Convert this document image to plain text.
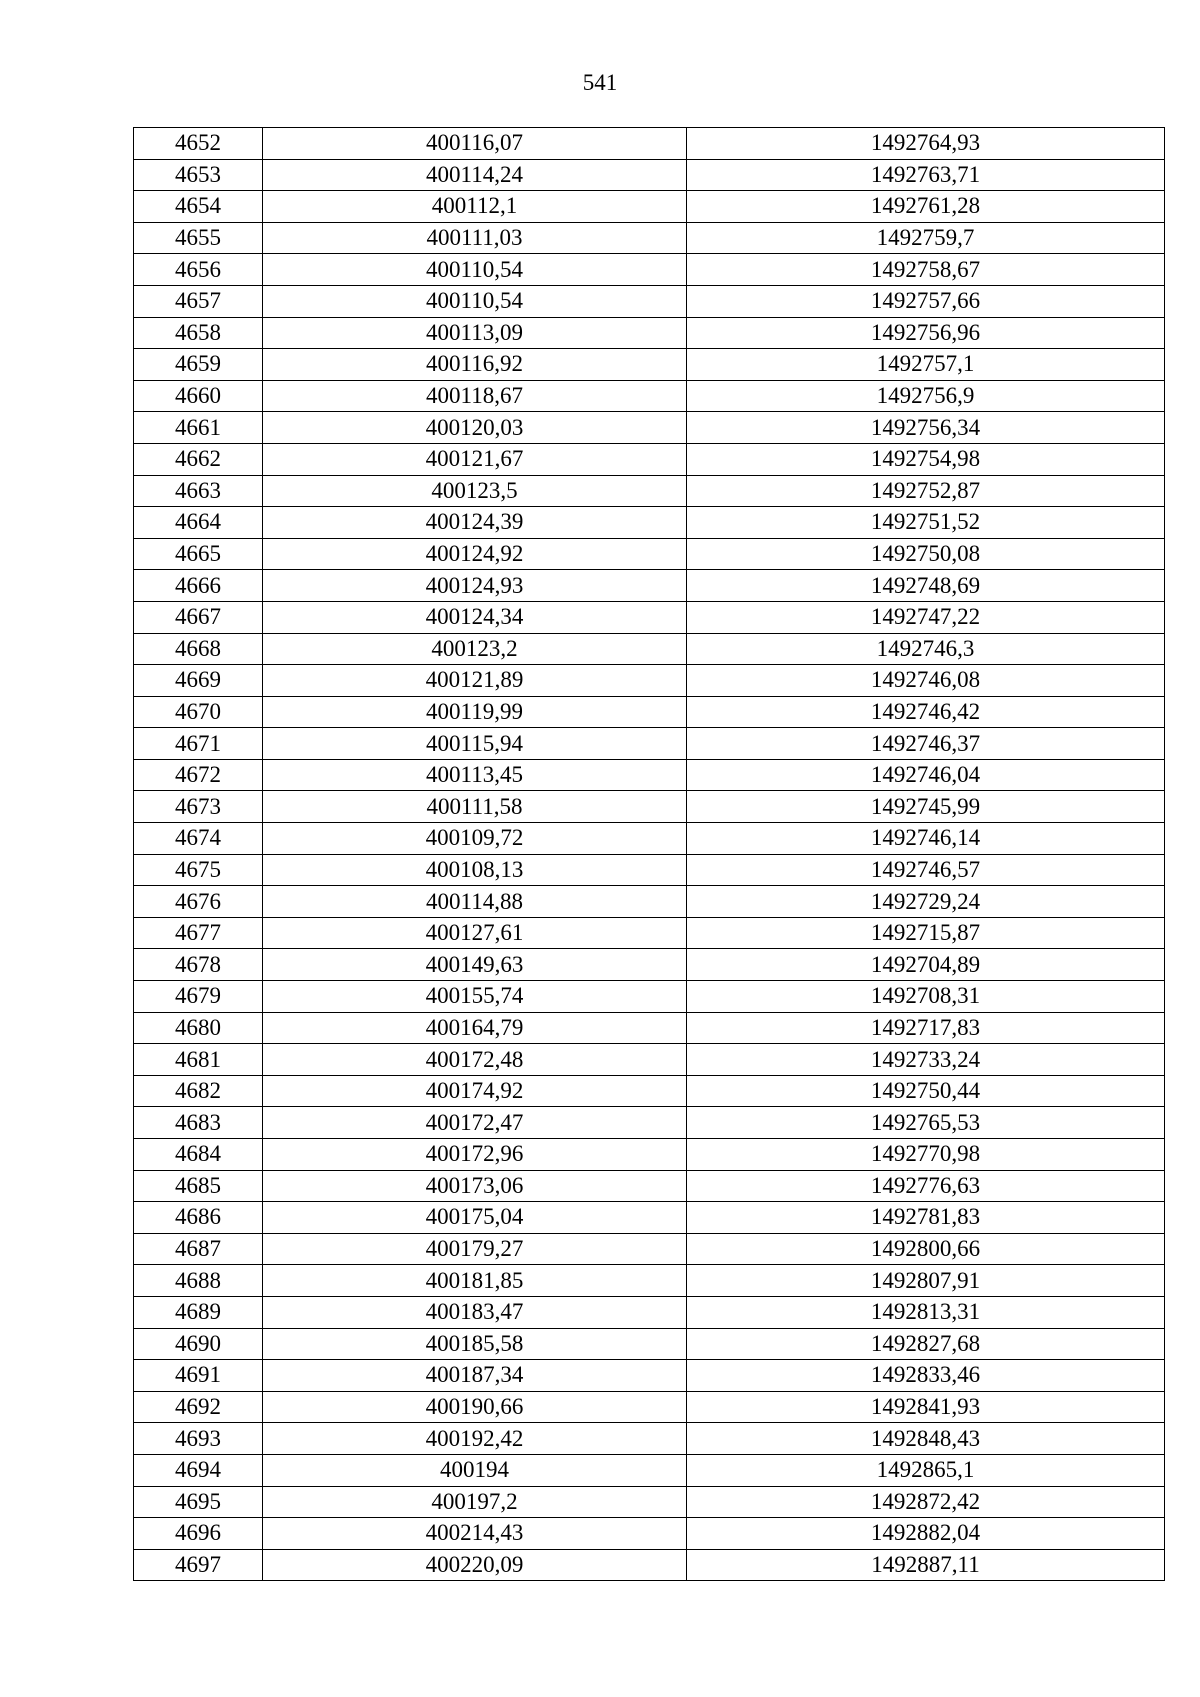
541
4652	400116,07	1492764,93
4653	400114,24	1492763,71
4654	400112,1	1492761,28
4655	400111,03	1492759,7
4656	400110,54	1492758,67
4657	400110,54	1492757,66
4658	400113,09	1492756,96
4659	400116,92	1492757,1
4660	400118,67	1492756,9
4661	400120,03	1492756,34
4662	400121,67	1492754,98
4663	400123,5	1492752,87
4664	400124,39	1492751,52
4665	400124,92	1492750,08
4666	400124,93	1492748,69
4667	400124,34	1492747,22
4668	400123,2	1492746,3
4669	400121,89	1492746,08
4670	400119,99	1492746,42
4671	400115,94	1492746,37
4672	400113,45	1492746,04
4673	400111,58	1492745,99
4674	400109,72	1492746,14
4675	400108,13	1492746,57
4676	400114,88	1492729,24
4677	400127,61	1492715,87
4678	400149,63	1492704,89
4679	400155,74	1492708,31
4680	400164,79	1492717,83
4681	400172,48	1492733,24
4682	400174,92	1492750,44
4683	400172,47	1492765,53
4684	400172,96	1492770,98
4685	400173,06	1492776,63
4686	400175,04	1492781,83
4687	400179,27	1492800,66
4688	400181,85	1492807,91
4689	400183,47	1492813,31
4690	400185,58	1492827,68
4691	400187,34	1492833,46
4692	400190,66	1492841,93
4693	400192,42	1492848,43
4694	400194	1492865,1
4695	400197,2	1492872,42
4696	400214,43	1492882,04
4697	400220,09	1492887,11
